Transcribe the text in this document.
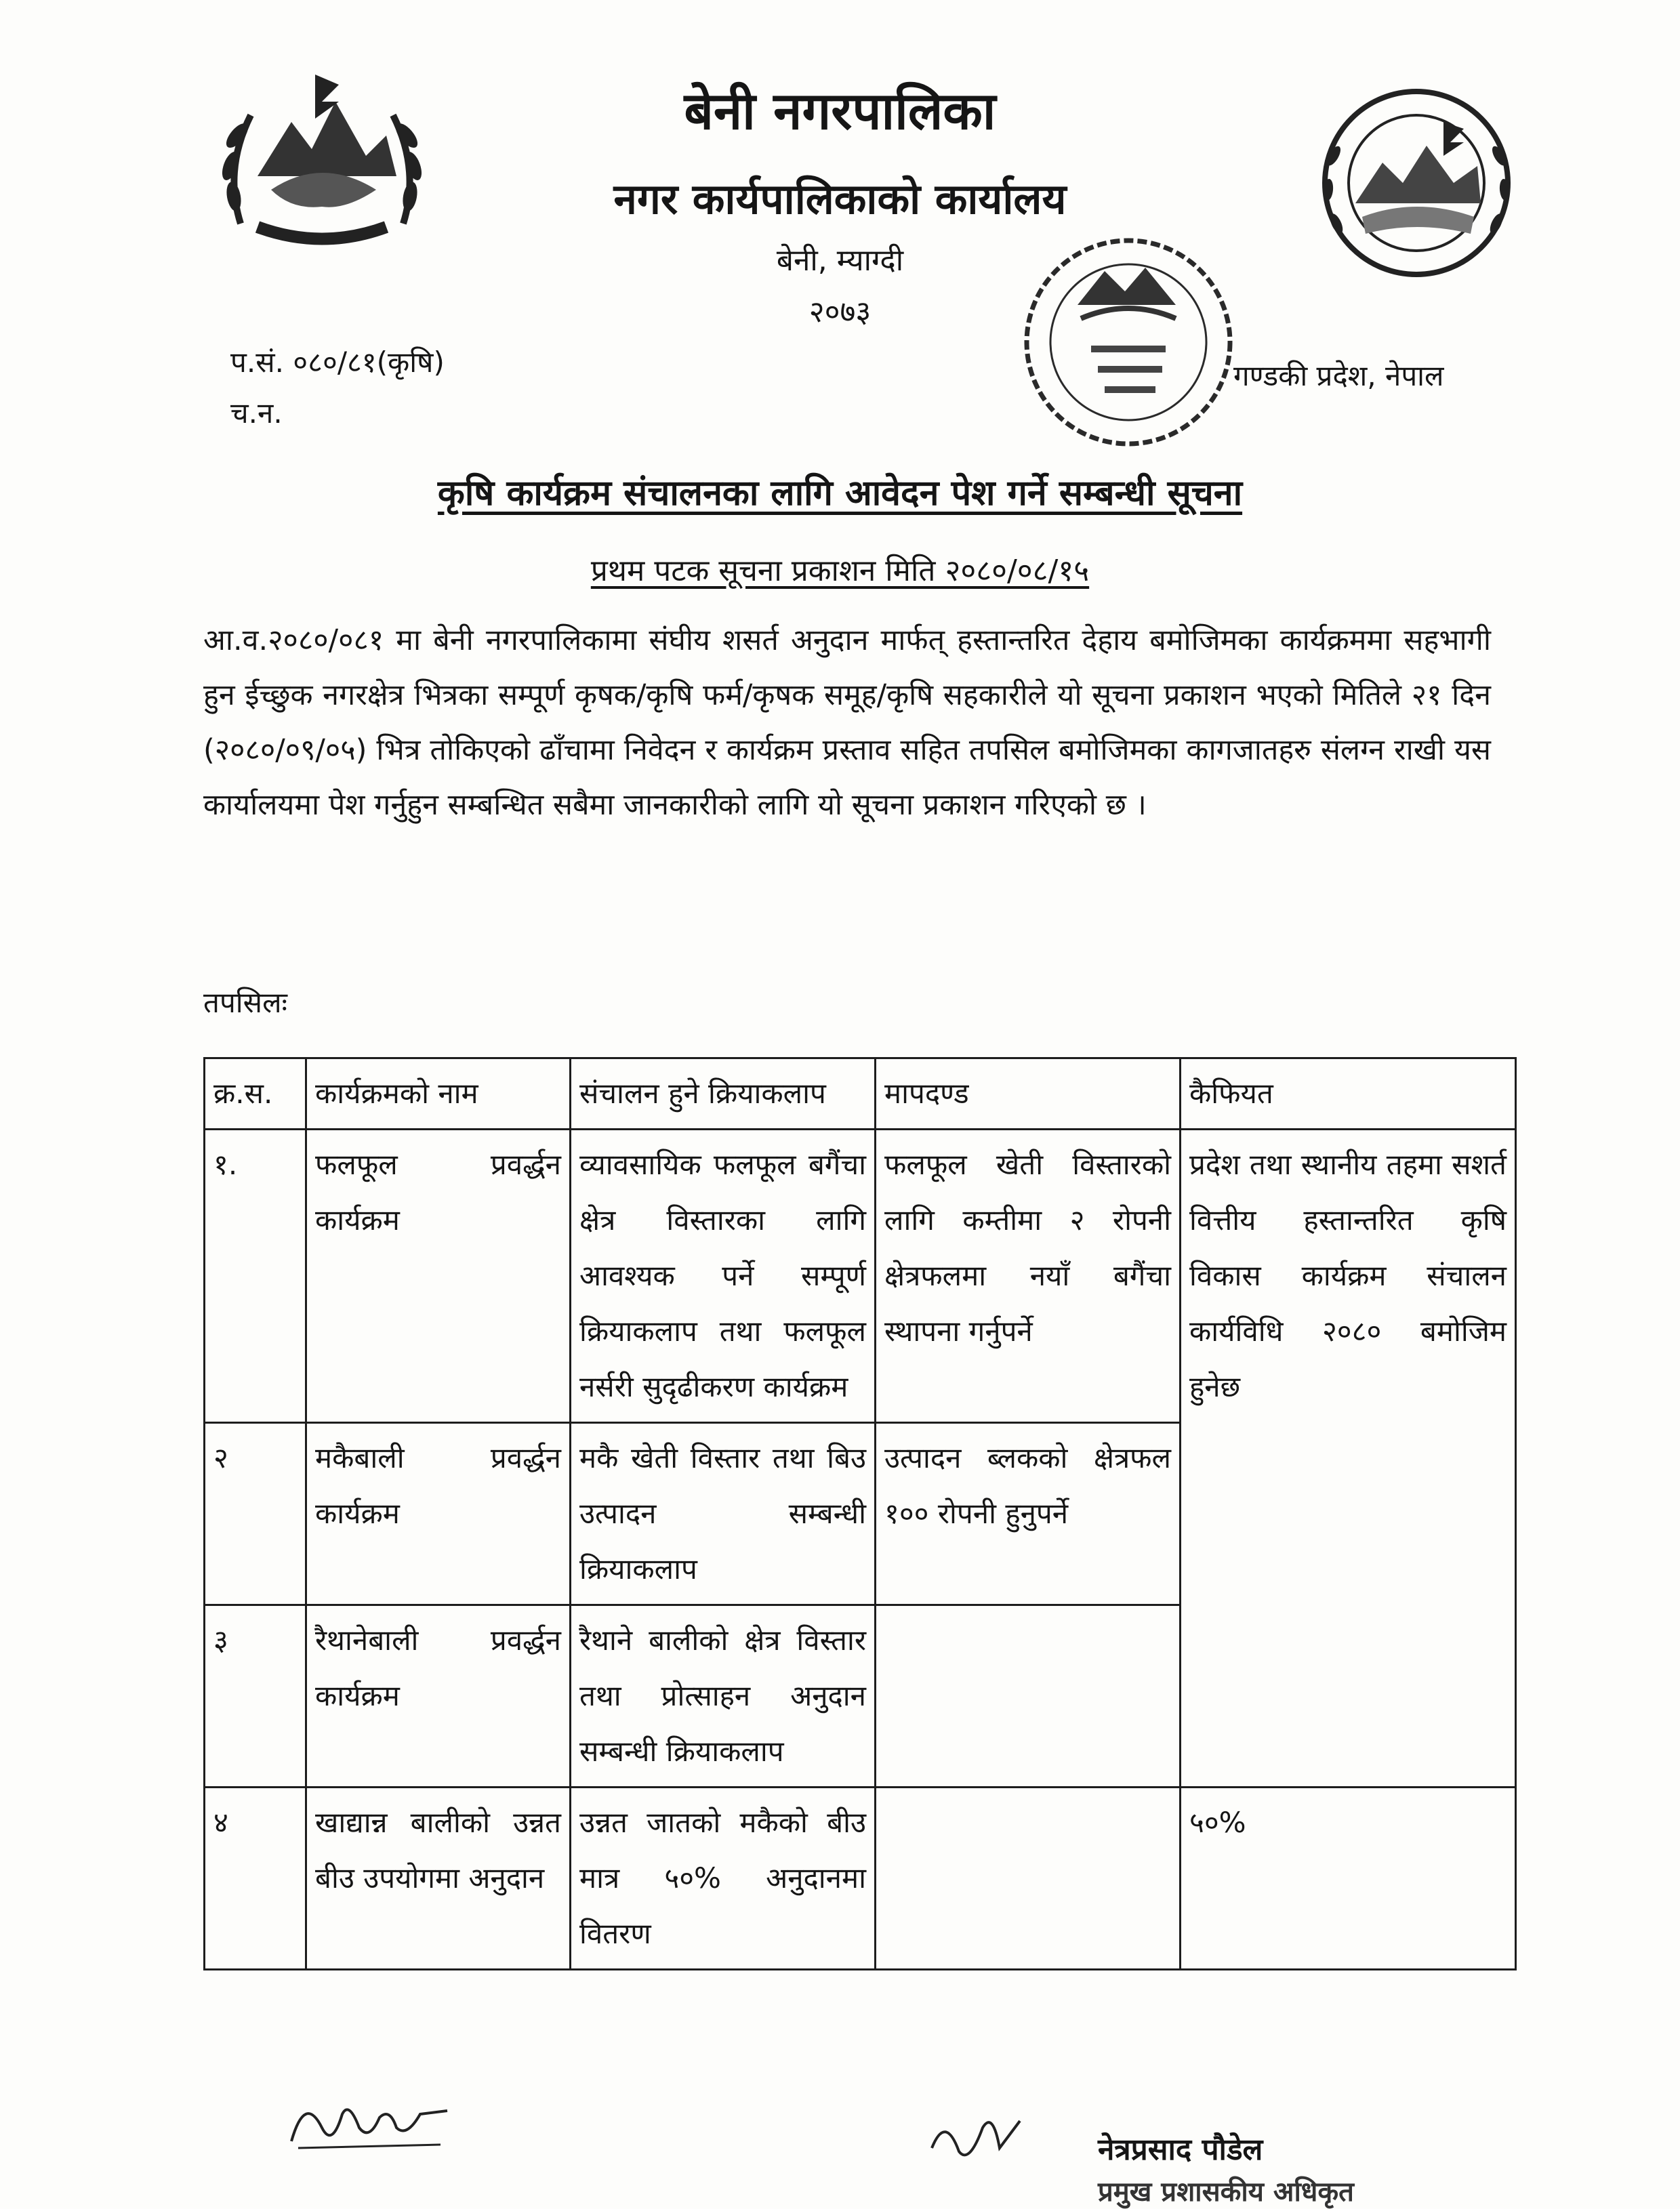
बेनी नगरपालिका
नगर कार्यपालिकाको कार्यालय
बेनी, म्याग्दी
२०७३
प.सं. ०८०/८१(कृषि)
च.न.
गण्डकी प्रदेश, नेपाल
कृषि कार्यक्रम संचालनका लागि आवेदन पेश गर्ने सम्बन्धी सूचना
प्रथम पटक सूचना प्रकाशन मिति २०८०/०८/१५
आ.व.२०८०/०८१ मा बेनी नगरपालिकामा संघीय शसर्त अनुदान मार्फत् हस्तान्तरित देहाय बमोजिमका कार्यक्रममा सहभागी हुन ईच्छुक नगरक्षेत्र भित्रका सम्पूर्ण कृषक/कृषि फर्म/कृषक समूह/कृषि सहकारीले यो सूचना प्रकाशन भएको मितिले २१ दिन (२०८०/०९/०५) भित्र तोकिएको ढाँचामा निवेदन र कार्यक्रम प्रस्ताव सहित तपसिल बमोजिमका कागजातहरु संलग्न राखी यस कार्यालयमा पेश गर्नुहुन सम्बन्धित सबैमा जानकारीको लागि यो सूचना प्रकाशन गरिएको छ ।
तपसिलः
क्र.स.	कार्यक्रमको नाम	संचालन हुने क्रियाकलाप	मापदण्ड	कैफियत
१.	फलफूल प्रवर्द्धन कार्यक्रम	व्यावसायिक फलफूल बगैंचा क्षेत्र विस्तारका लागि आवश्यक पर्ने सम्पूर्ण क्रियाकलाप तथा फलफूल नर्सरी सुदृढीकरण कार्यक्रम	फलफूल खेती विस्तारको लागि कम्तीमा २ रोपनी क्षेत्रफलमा नयाँ बगैंचा स्थापना गर्नुपर्ने	प्रदेश तथा स्थानीय तहमा सशर्त वित्तीय हस्तान्तरित कृषि विकास कार्यक्रम संचालन कार्यविधि २०८० बमोजिम हुनेछ
२	मकैबाली प्रवर्द्धन कार्यक्रम	मकै खेती विस्तार तथा बिउ उत्पादन सम्बन्धी क्रियाकलाप	उत्पादन ब्लकको क्षेत्रफल १०० रोपनी हुनुपर्ने	
३	रैथानेबाली प्रवर्द्धन कार्यक्रम	रैथाने बालीको क्षेत्र विस्तार तथा प्रोत्साहन अनुदान सम्बन्धी क्रियाकलाप		
४	खाद्यान्न बालीको उन्नत बीउ उपयोगमा अनुदान	उन्नत जातको मकैको बीउ मात्र ५०% अनुदानमा वितरण		५०%
नेत्रप्रसाद पौडेल
प्रमुख प्रशासकीय अधिकृत
